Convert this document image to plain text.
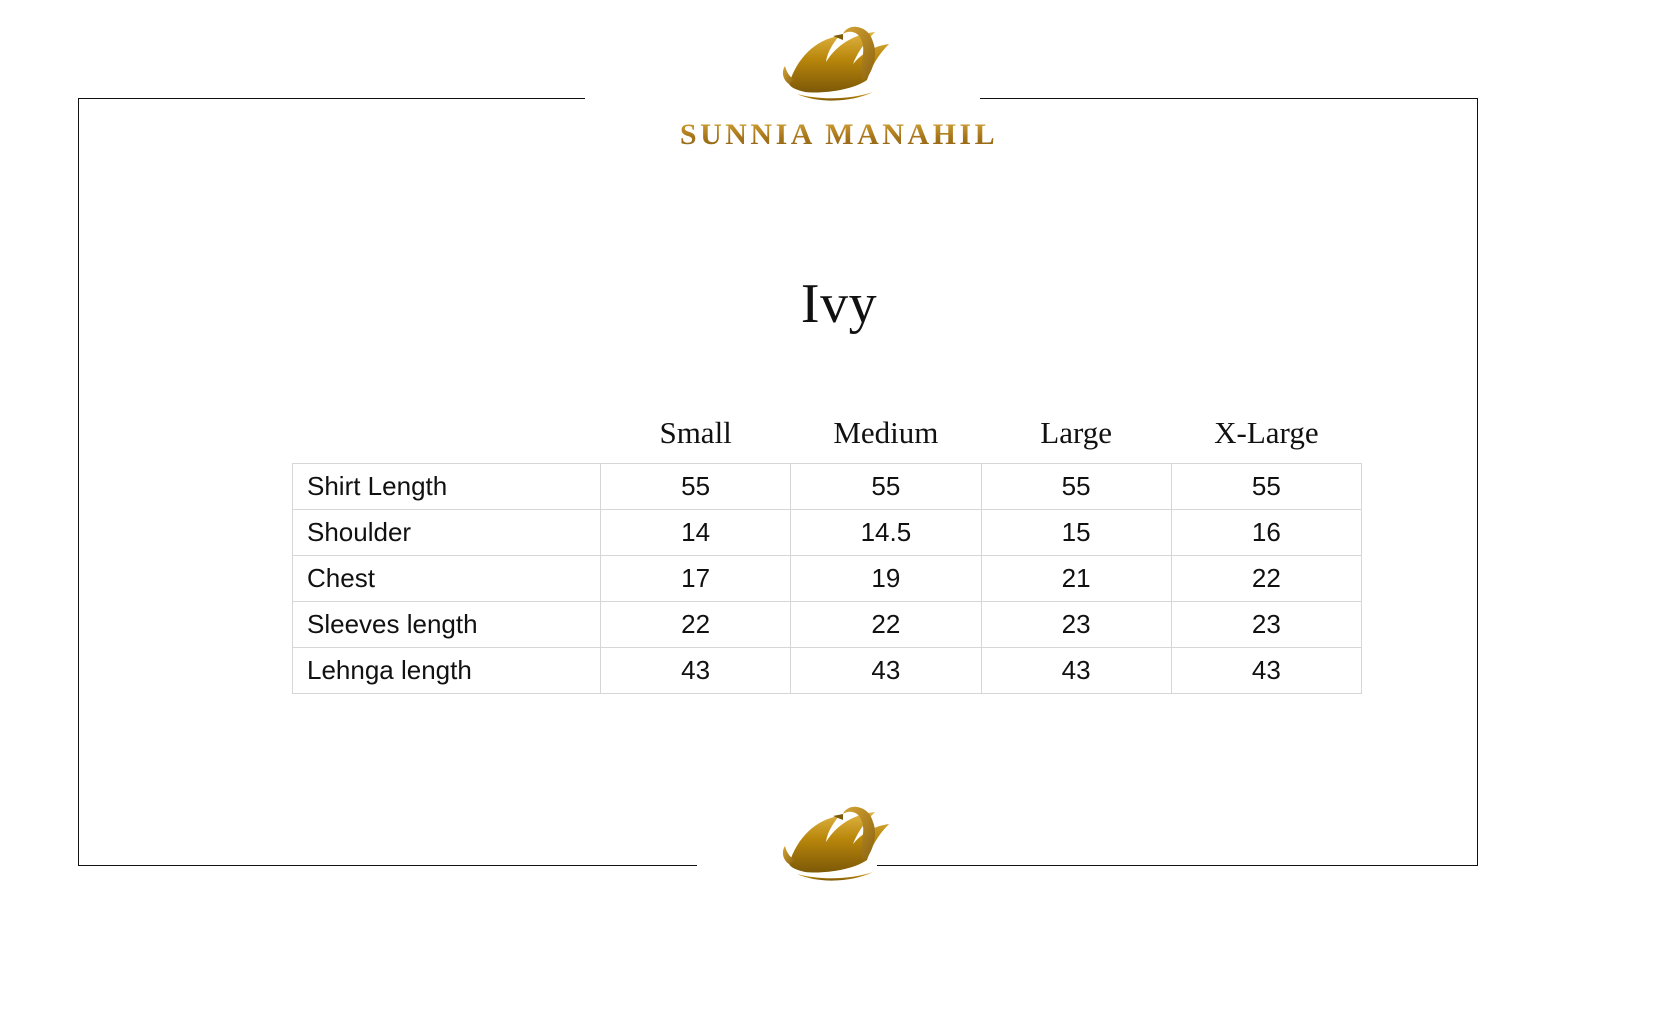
SUNNIA MANAHIL
Ivy
	Small	Medium	Large	X-Large
Shirt Length	55	55	55	55
Shoulder	14	14.5	15	16
Chest	17	19	21	22
Sleeves length	22	22	23	23
Lehnga length	43	43	43	43
